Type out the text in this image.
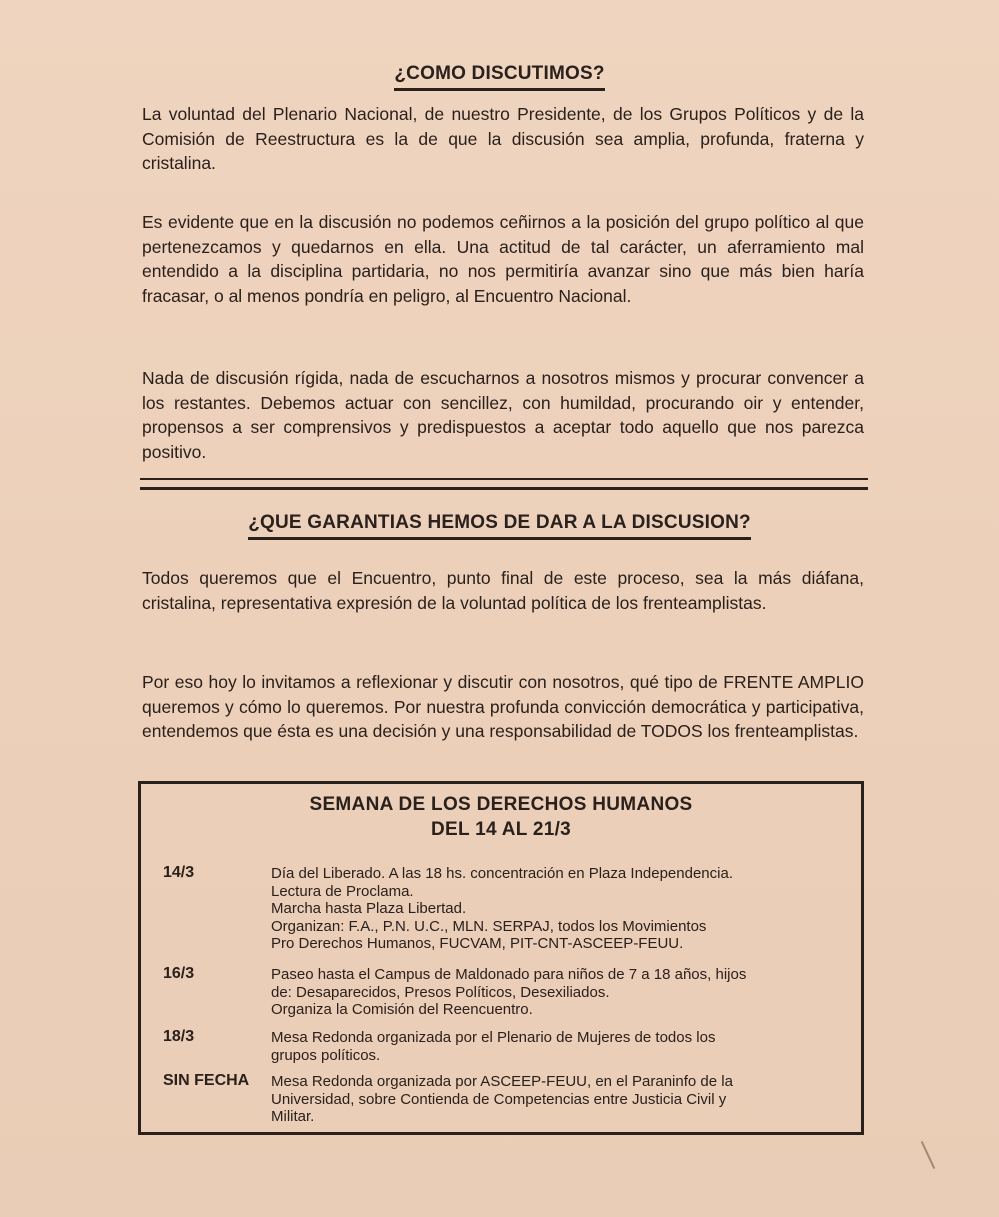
¿COMO DISCUTIMOS?
La voluntad del Plenario Nacional, de nuestro Presidente, de los Grupos Políticos y de la Comisión de Reestructura es la de que la discusión sea amplia, profunda, fraterna y cristalina.
Es evidente que en la discusión no podemos ceñirnos a la posición del grupo político al que pertenezcamos y quedarnos en ella. Una actitud de tal carácter, un aferramiento mal entendido a la disciplina partidaria, no nos permitiría avanzar sino que más bien haría fracasar, o al menos pondría en peligro, al Encuentro Nacional.
Nada de discusión rígida, nada de escucharnos a nosotros mismos y procurar convencer a los restantes. Debemos actuar con sencillez, con humildad, procurando oir y entender, propensos a ser comprensivos y predispuestos a aceptar todo aquello que nos parezca positivo.
¿QUE GARANTIAS HEMOS DE DAR A LA DISCUSION?
Todos queremos que el Encuentro, punto final de este proceso, sea la más diáfana, cristalina, representativa expresión de la voluntad política de los frenteamplistas.
Por eso hoy lo invitamos a reflexionar y discutir con nosotros, qué tipo de FRENTE AMPLIO queremos y cómo lo queremos. Por nuestra profunda convicción democrática y participativa, entendemos que ésta es una decisión y una responsabilidad de TODOS los frenteamplistas.
SEMANA DE LOS DERECHOS HUMANOS
DEL 14 AL 21/3
14/3	Día del Liberado. A las 18 hs. concentración en Plaza Independencia.
Lectura de Proclama.
Marcha hasta Plaza Libertad.
Organizan: F.A., P.N. U.C., MLN. SERPAJ, todos los Movimientos
Pro Derechos Humanos, FUCVAM, PIT-CNT-ASCEEP-FEUU.
16/3	Paseo hasta el Campus de Maldonado para niños de 7 a 18 años, hijos
de: Desaparecidos, Presos Políticos, Desexiliados.
Organiza la Comisión del Reencuentro.
18/3	Mesa Redonda organizada por el Plenario de Mujeres de todos los
grupos políticos.
SIN FECHA Mesa Redonda organizada por ASCEEP-FEUU, en el Paraninfo de la
Universidad, sobre Contienda de Competencias entre Justicia Civil y
Militar.
